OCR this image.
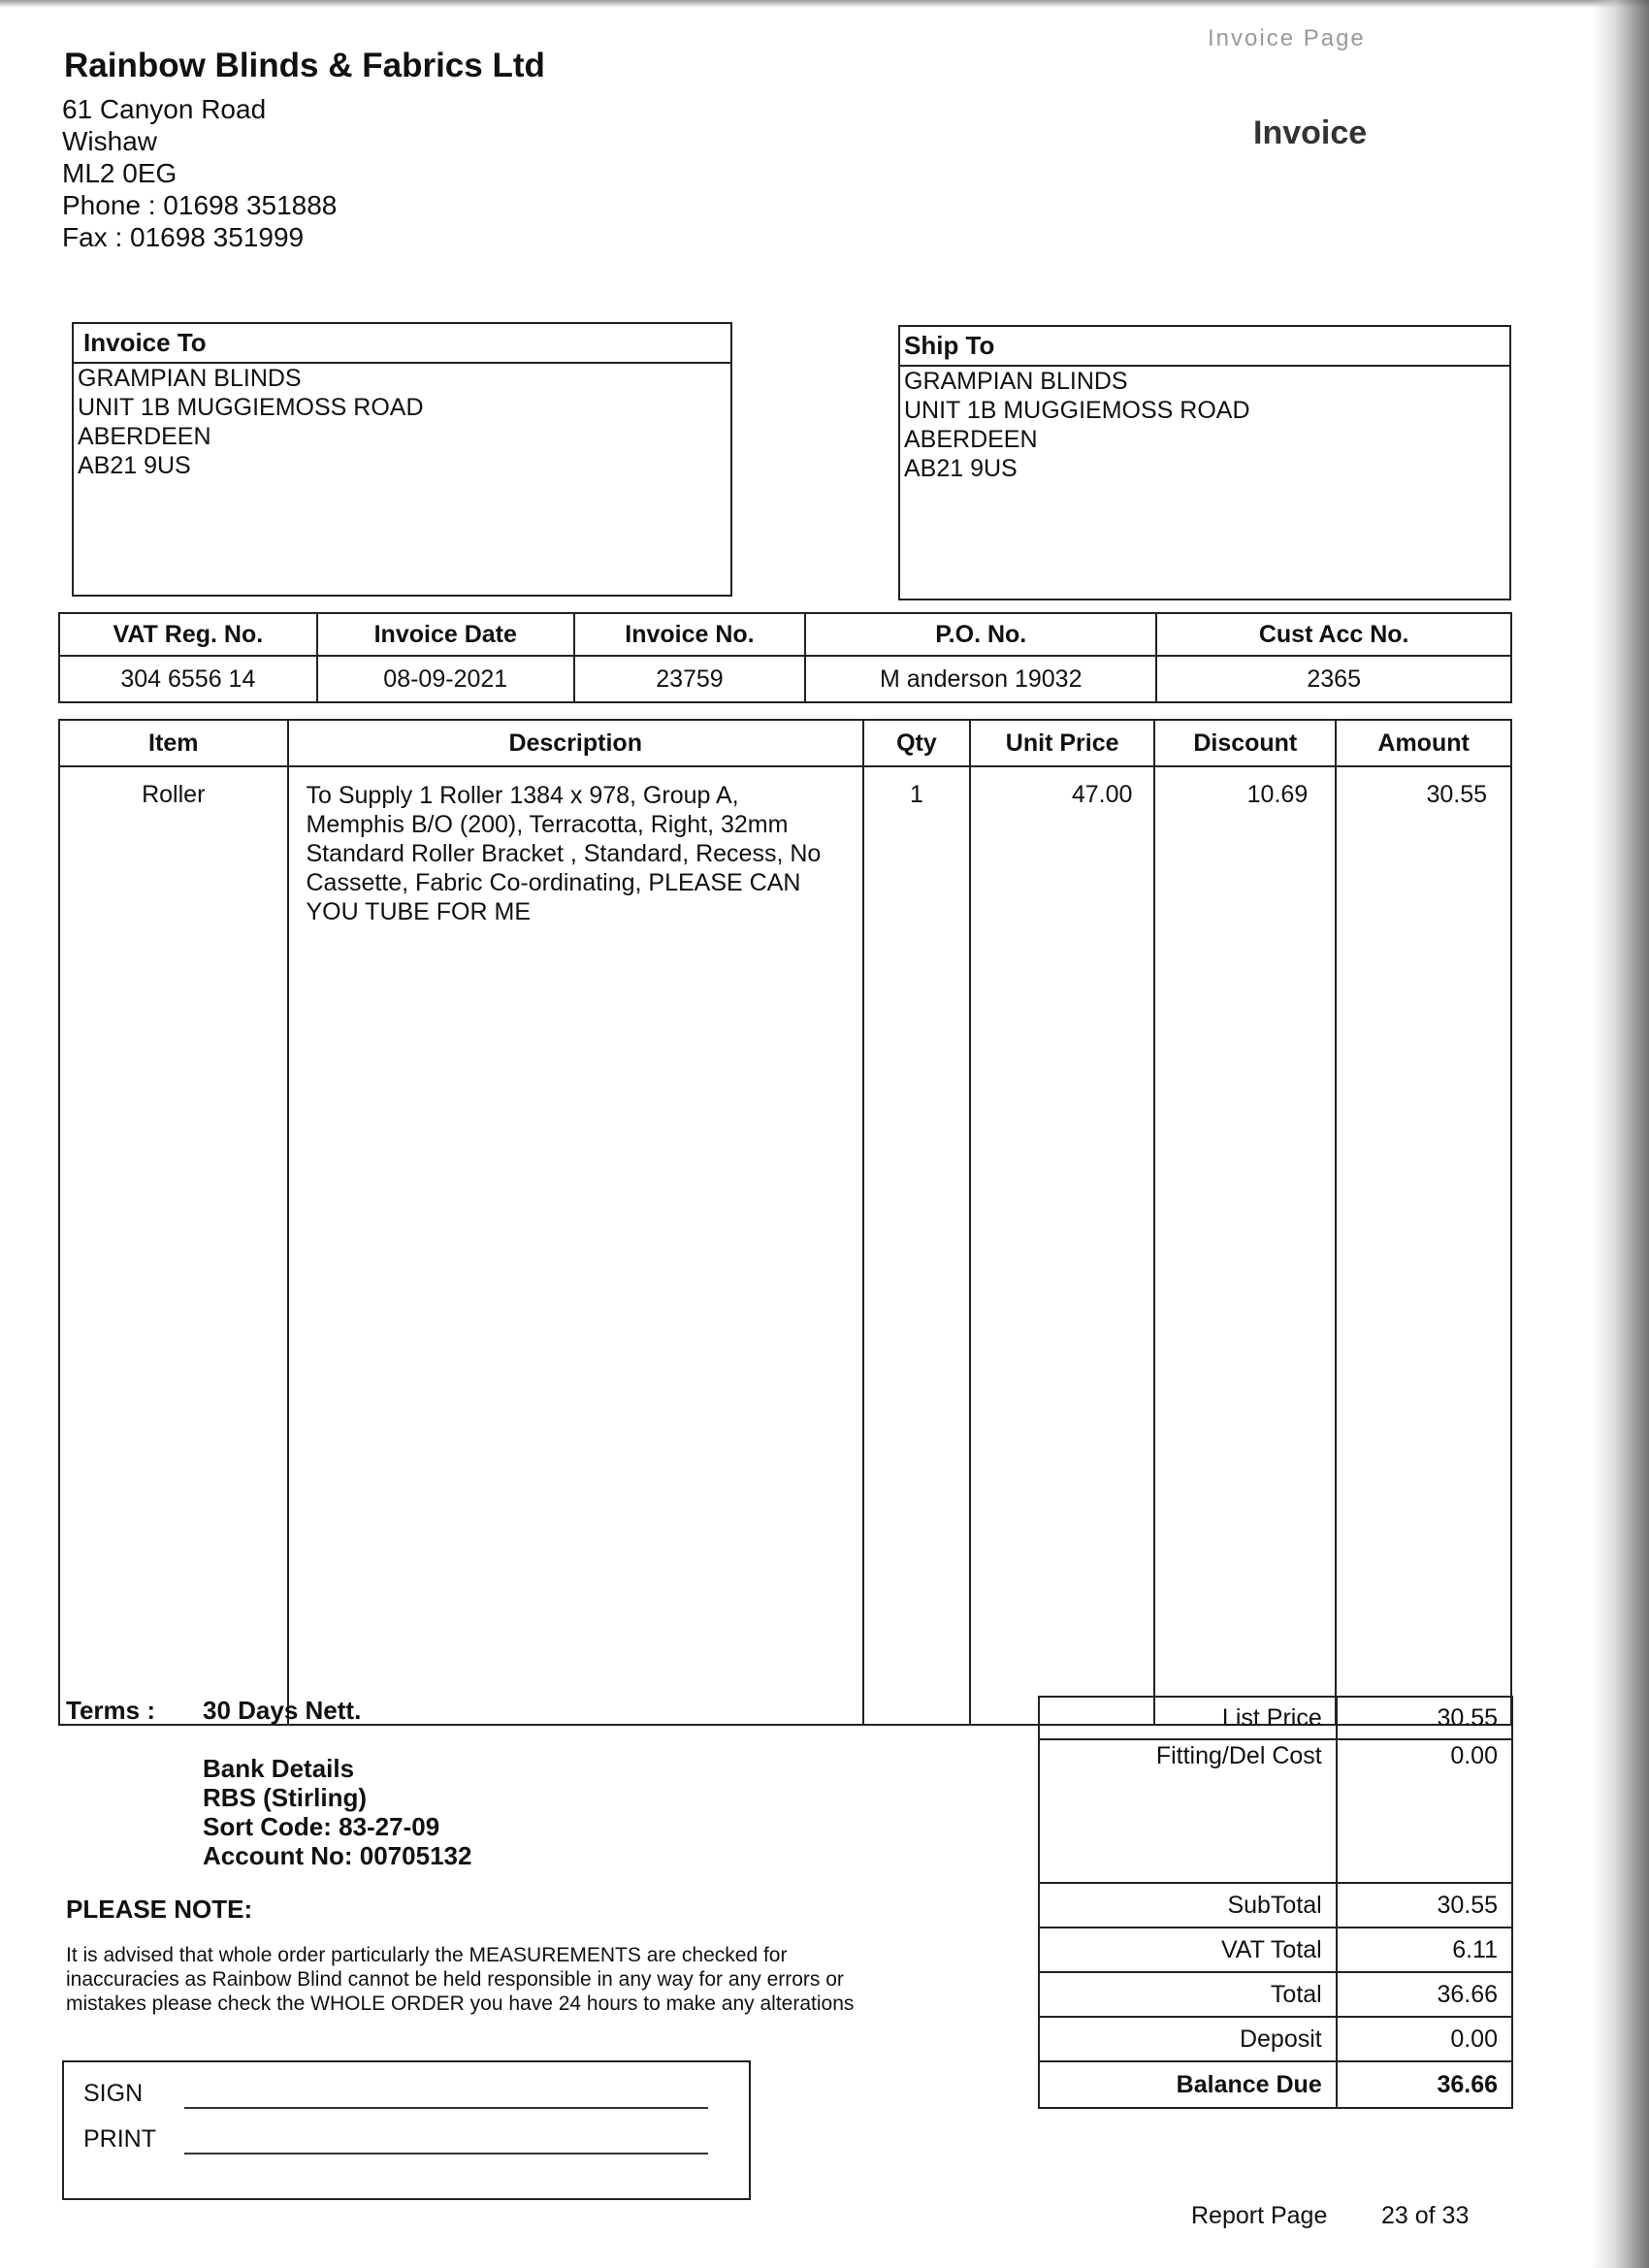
Rainbow Blinds & Fabrics Ltd
61 Canyon Road
Wishaw
ML2 0EG
Phone : 01698 351888
Fax : 01698 351999
Invoice Page
Invoice
Invoice To
GRAMPIAN BLINDS
UNIT 1B MUGGIEMOSS ROAD
ABERDEEN
AB21 9US
Ship To
GRAMPIAN BLINDS
UNIT 1B MUGGIEMOSS ROAD
ABERDEEN
AB21 9US
VAT Reg. No.	Invoice Date	Invoice No.	P.O. No.	Cust Acc No.
304 6556 14	08-09-2021	23759	M anderson 19032	2365
Item	Description	Qty	Unit Price	Discount	Amount
Roller	To Supply 1 Roller 1384 x 978, Group A,
Memphis B/O (200), Terracotta, Right, 32mm
Standard Roller Bracket , Standard, Recess, No
Cassette, Fabric Co-ordinating, PLEASE CAN
YOU TUBE FOR ME	1	47.00	10.69	30.55
Terms : 30 Days Nett.
Bank Details
RBS (Stirling)
Sort Code: 83-27-09
Account No: 00705132
PLEASE NOTE:
It is advised that whole order particularly the MEASUREMENTS are checked for
inaccuracies as Rainbow Blind cannot be held responsible in any way for any errors or
mistakes please check the WHOLE ORDER you have 24 hours to make any alterations
SIGN
PRINT
List Price	30.55
Fitting/Del Cost	0.00
SubTotal	30.55
VAT Total	6.11
Total	36.66
Deposit	0.00
Balance Due	36.66
Report Page 23 of 33
